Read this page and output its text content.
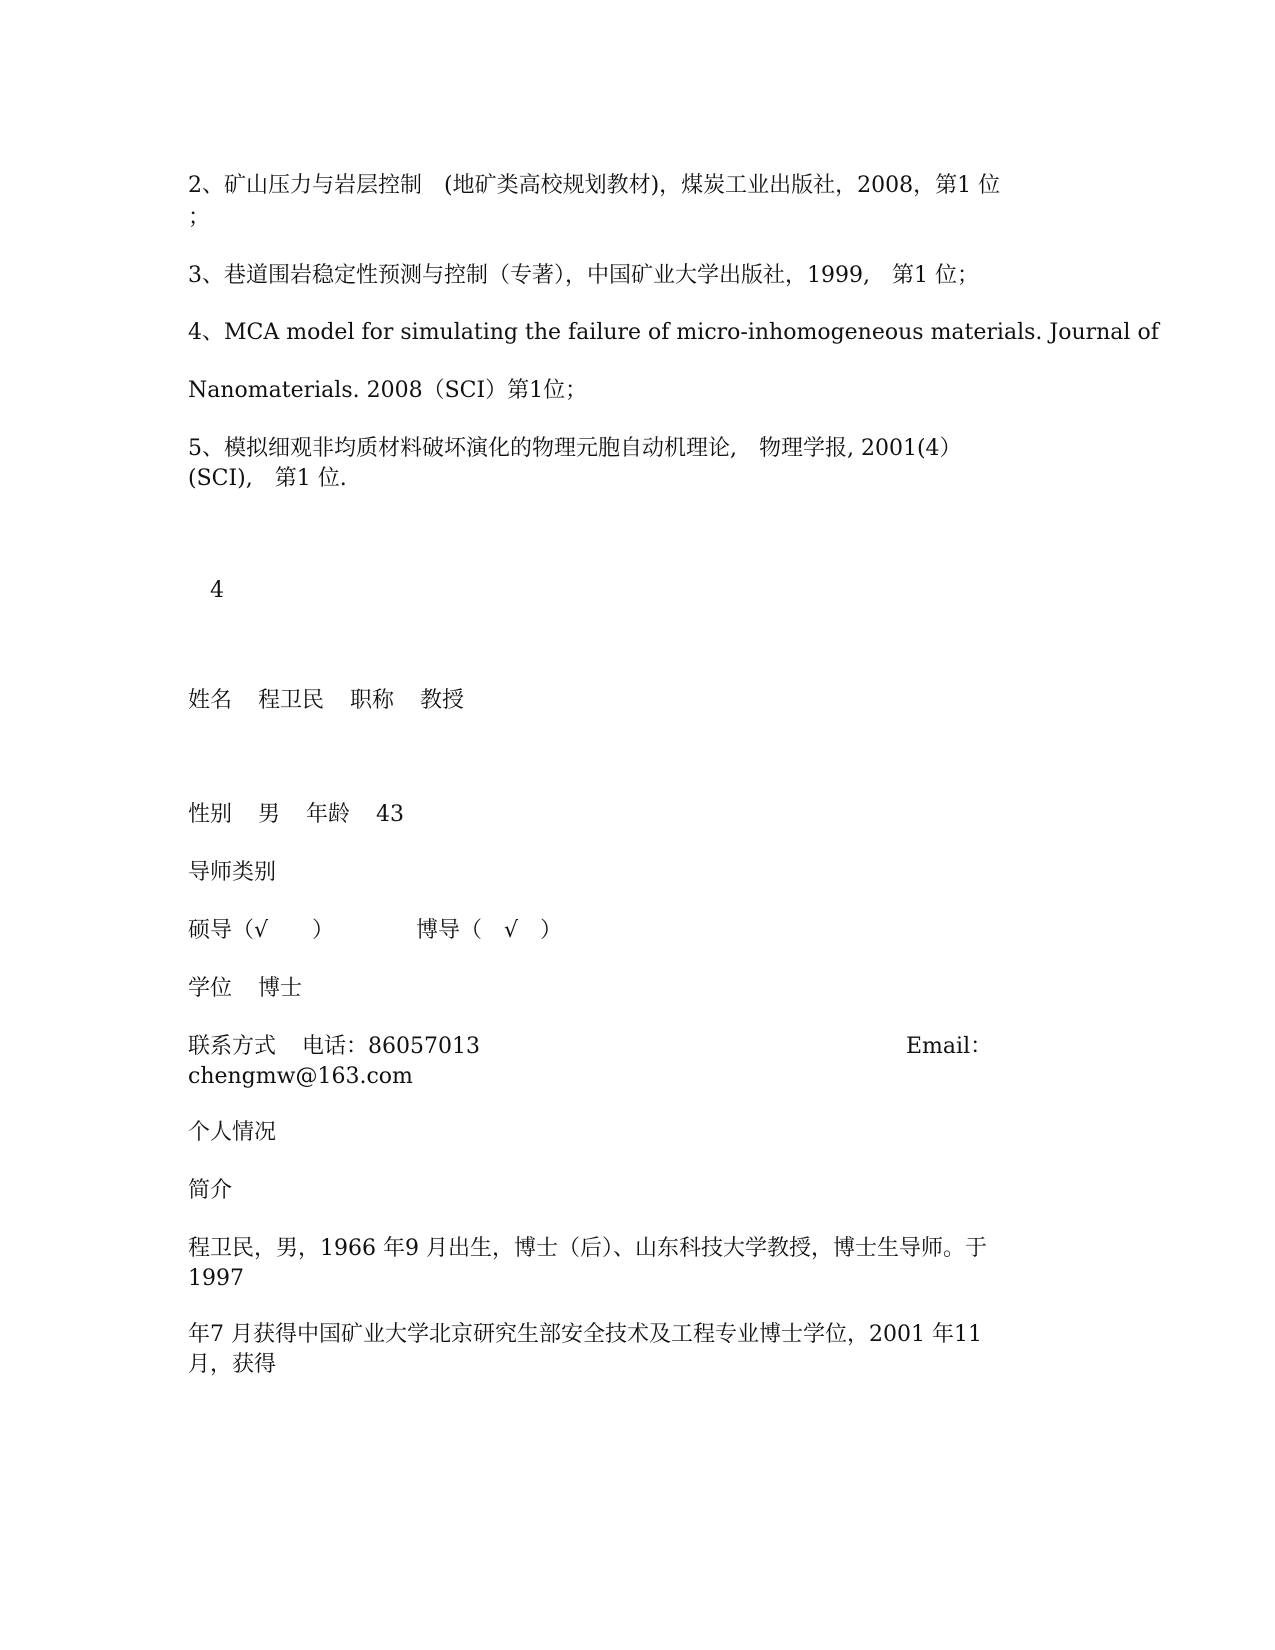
2、矿山压力与岩层控制　(地矿类高校规划教材)，煤炭工业出版社，2008，第1 位
；
3、巷道围岩稳定性预测与控制（专著），中国矿业大学出版社，1999,　第1 位；
4、MCA model for simulating the failure of micro-inhomogeneous materials. Journal of
Nanomaterials. 2008（SCI）第1位；
5、模拟细观非均质材料破坏演化的物理元胞自动机理论,　物理学报, 2001(4）
(SCI),　第1 位.
4
姓名 程卫民 职称 教授
性别 男 年龄 43
导师类别
硕导（√　　）	博导（　√　）
学位 博士
联系方式 电话：86057013	Email：
chengmw@163.com
个人情况
简介
程卫民，男，1966 年9 月出生，博士（后）、山东科技大学教授，博士生导师。于
1997
年7 月获得中国矿业大学北京研究生部安全技术及工程专业博士学位，2001 年11
月，获得
